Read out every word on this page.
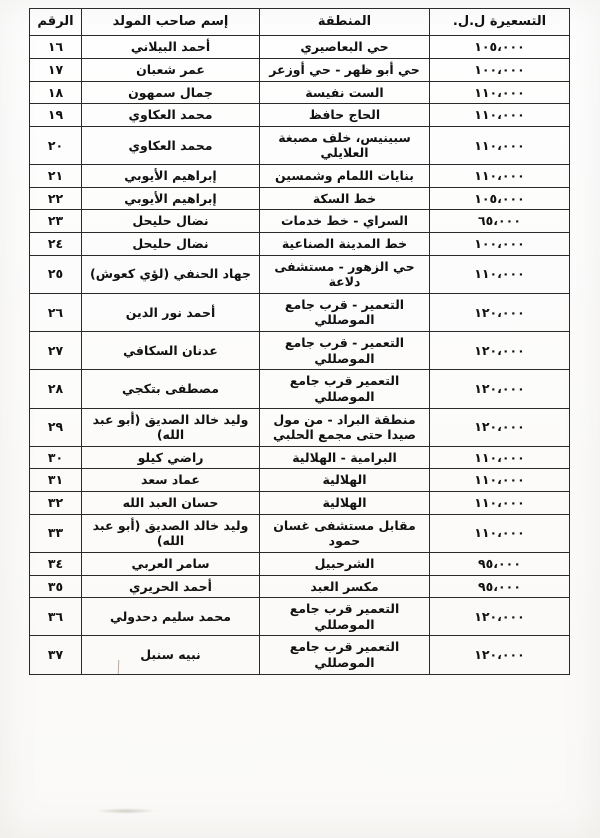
التسعيرة ل.ل.	المنطقة	إسم صاحب المولد	الرقم
١٠٥،٠٠٠	حي البعاصيري	أحمد البيلاني	١٦
١٠٠،٠٠٠	حي أبو ظهر - حي أوزعر	عمر شعبان	١٧
١١٠،٠٠٠	الست نفيسة	جمال سمهون	١٨
١١٠،٠٠٠	الحاج حافظ	محمد العكاوي	١٩
١١٠،٠٠٠	سبينيس، خلف مصبغة العلايلي	محمد العكاوي	٢٠
١١٠،٠٠٠	بنايات اللمام وشمسين	إبراهيم الأيوبي	٢١
١٠٥،٠٠٠	خط السكة	إبراهيم الأيوبي	٢٢
٦٥،٠٠٠	السراي - خط خدمات	نضال حليحل	٢٣
١٠٠،٠٠٠	خط المدينة الصناعية	نضال حليحل	٢٤
١١٠،٠٠٠	حي الزهور - مستشفى دلاعة	جهاد الحنفي (لؤي كعوش)	٢٥
١٢٠،٠٠٠	التعمير - قرب جامع الموصللي	أحمد نور الدين	٢٦
١٢٠،٠٠٠	التعمير - قرب جامع الموصللي	عدنان السكافي	٢٧
١٢٠،٠٠٠	التعمير قرب جامع الموصللي	مصطفى بتكجي	٢٨
١٢٠،٠٠٠	منطقة البراد - من مول صيدا حتى مجمع الحلبي	وليد خالد الصديق (أبو عبد الله)	٢٩
١١٠،٠٠٠	البرامية - الهلالية	راضي كيلو	٣٠
١١٠،٠٠٠	الهلالية	عماد سعد	٣١
١١٠،٠٠٠	الهلالية	حسان العبد الله	٣٢
١١٠،٠٠٠	مقابل مستشفى غسان حمود	وليد خالد الصديق (أبو عبد الله)	٣٣
٩٥،٠٠٠	الشرحبيل	سامر العربي	٣٤
٩٥،٠٠٠	مكسر العبد	أحمد الحريري	٣٥
١٢٠،٠٠٠	التعمير قرب جامع الموصللي	محمد سليم دحدولي	٣٦
١٢٠،٠٠٠	التعمير قرب جامع الموصللي	نبيه سنبل	٣٧
